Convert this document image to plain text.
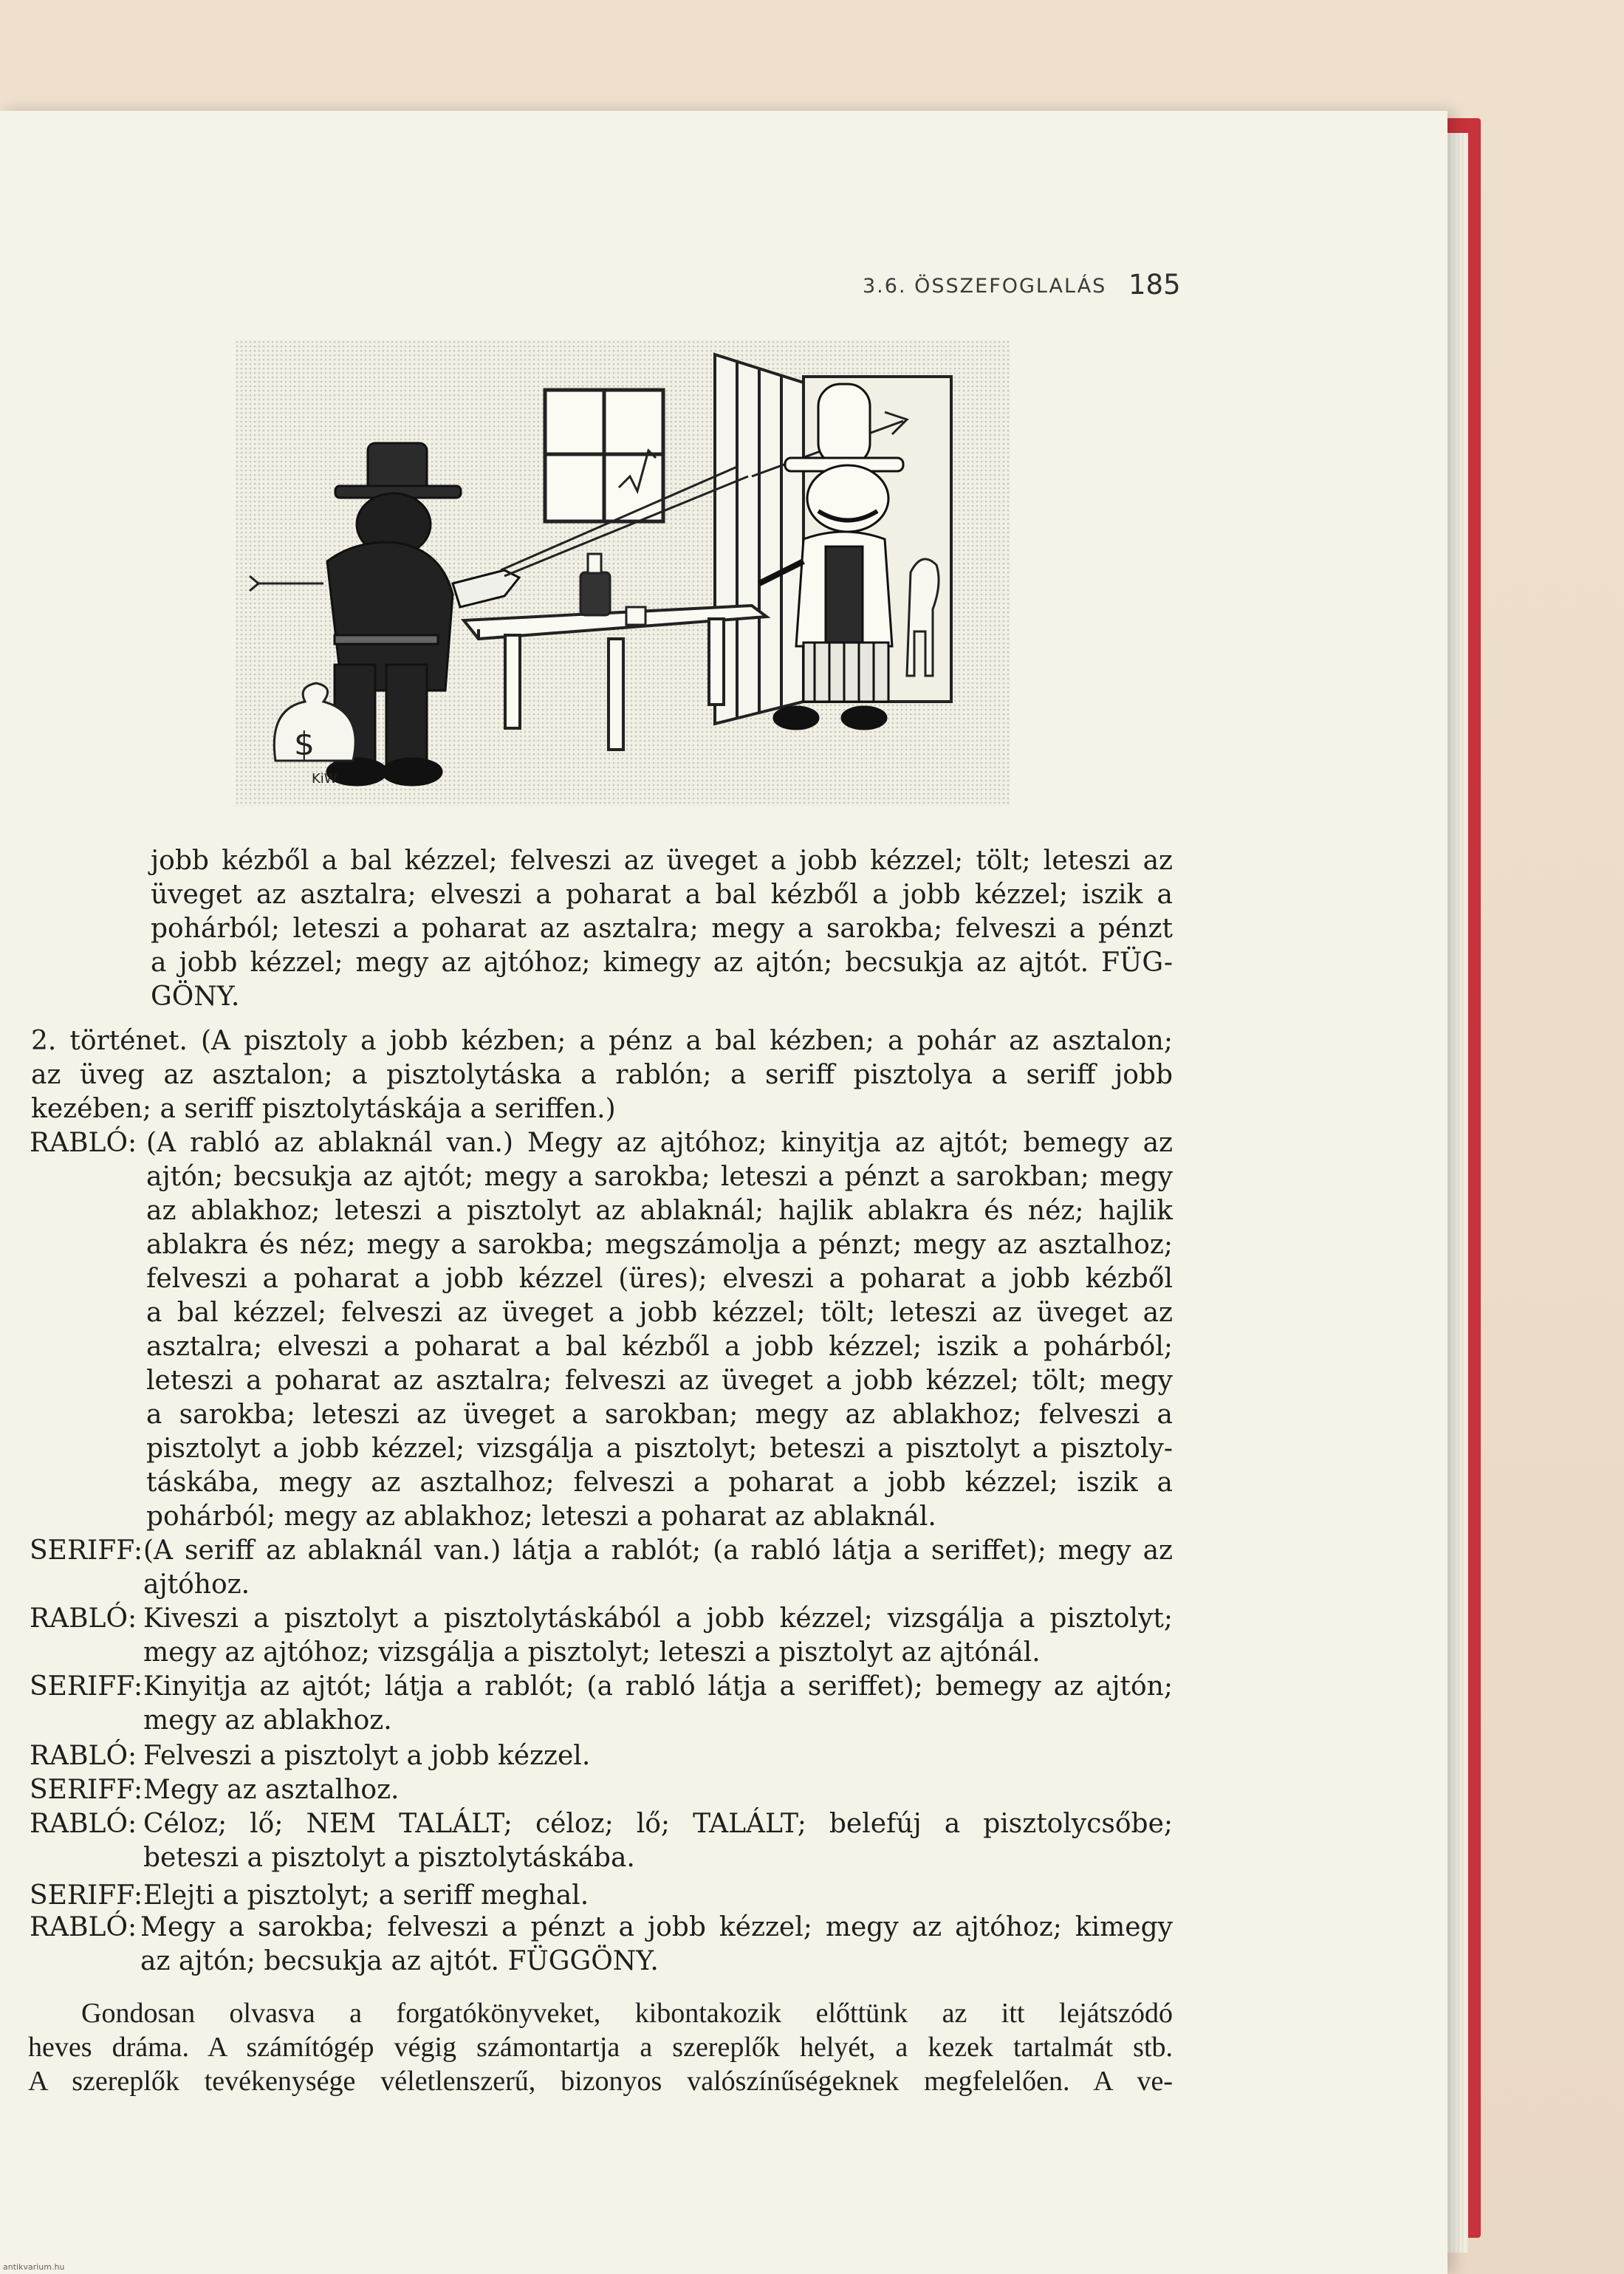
3.6. ÖSSZEFOGLALÁS 185
$
KiW
jobb kézből a bal kézzel; felveszi az üveget a jobb kézzel; tölt; leteszi az
üveget az asztalra; elveszi a poharat a bal kézből a jobb kézzel; iszik a
pohárból; leteszi a poharat az asztalra; megy a sarokba; felveszi a pénzt
a jobb kézzel; megy az ajtóhoz; kimegy az ajtón; becsukja az ajtót. FÜG-
GÖNY.
2. történet. (A pisztoly a jobb kézben; a pénz a bal kézben; a pohár az asztalon;
az üveg az asztalon; a pisztolytáska a rablón; a seriff pisztolya a seriff jobb
kezében; a seriff pisztolytáskája a seriffen.)
RABLÓ: (A rabló az ablaknál van.) Megy az ajtóhoz; kinyitja az ajtót; bemegy az
ajtón; becsukja az ajtót; megy a sarokba; leteszi a pénzt a sarokban; megy
az ablakhoz; leteszi a pisztolyt az ablaknál; hajlik ablakra és néz; hajlik
ablakra és néz; megy a sarokba; megszámolja a pénzt; megy az asztalhoz;
felveszi a poharat a jobb kézzel (üres); elveszi a poharat a jobb kézből
a bal kézzel; felveszi az üveget a jobb kézzel; tölt; leteszi az üveget az
asztalra; elveszi a poharat a bal kézből a jobb kézzel; iszik a pohárból;
leteszi a poharat az asztalra; felveszi az üveget a jobb kézzel; tölt; megy
a sarokba; leteszi az üveget a sarokban; megy az ablakhoz; felveszi a
pisztolyt a jobb kézzel; vizsgálja a pisztolyt; beteszi a pisztolyt a pisztoly-
táskába, megy az asztalhoz; felveszi a poharat a jobb kézzel; iszik a
pohárból; megy az ablakhoz; leteszi a poharat az ablaknál.
SERIFF: (A seriff az ablaknál van.) látja a rablót; (a rabló látja a seriffet); megy az
ajtóhoz.
RABLÓ: Kiveszi a pisztolyt a pisztolytáskából a jobb kézzel; vizsgálja a pisztolyt;
megy az ajtóhoz; vizsgálja a pisztolyt; leteszi a pisztolyt az ajtónál.
SERIFF: Kinyitja az ajtót; látja a rablót; (a rabló látja a seriffet); bemegy az ajtón;
megy az ablakhoz.
RABLÓ: Felveszi a pisztolyt a jobb kézzel.
SERIFF: Megy az asztalhoz.
RABLÓ: Céloz; lő; NEM TALÁLT; céloz; lő; TALÁLT; belefúj a pisztolycsőbe;
beteszi a pisztolyt a pisztolytáskába.
SERIFF: Elejti a pisztolyt; a seriff meghal.
RABLÓ: Megy a sarokba; felveszi a pénzt a jobb kézzel; megy az ajtóhoz; kimegy
az ajtón; becsukja az ajtót. FÜGGÖNY.
Gondosan olvasva a forgatókönyveket, kibontakozik előttünk az itt lejátszódó
heves dráma. A számítógép végig számontartja a szereplők helyét, a kezek tartalmát stb.
A szereplők tevékenysége véletlenszerű, bizonyos valószínűségeknek megfelelően. A ve-
antikvarium.hu
